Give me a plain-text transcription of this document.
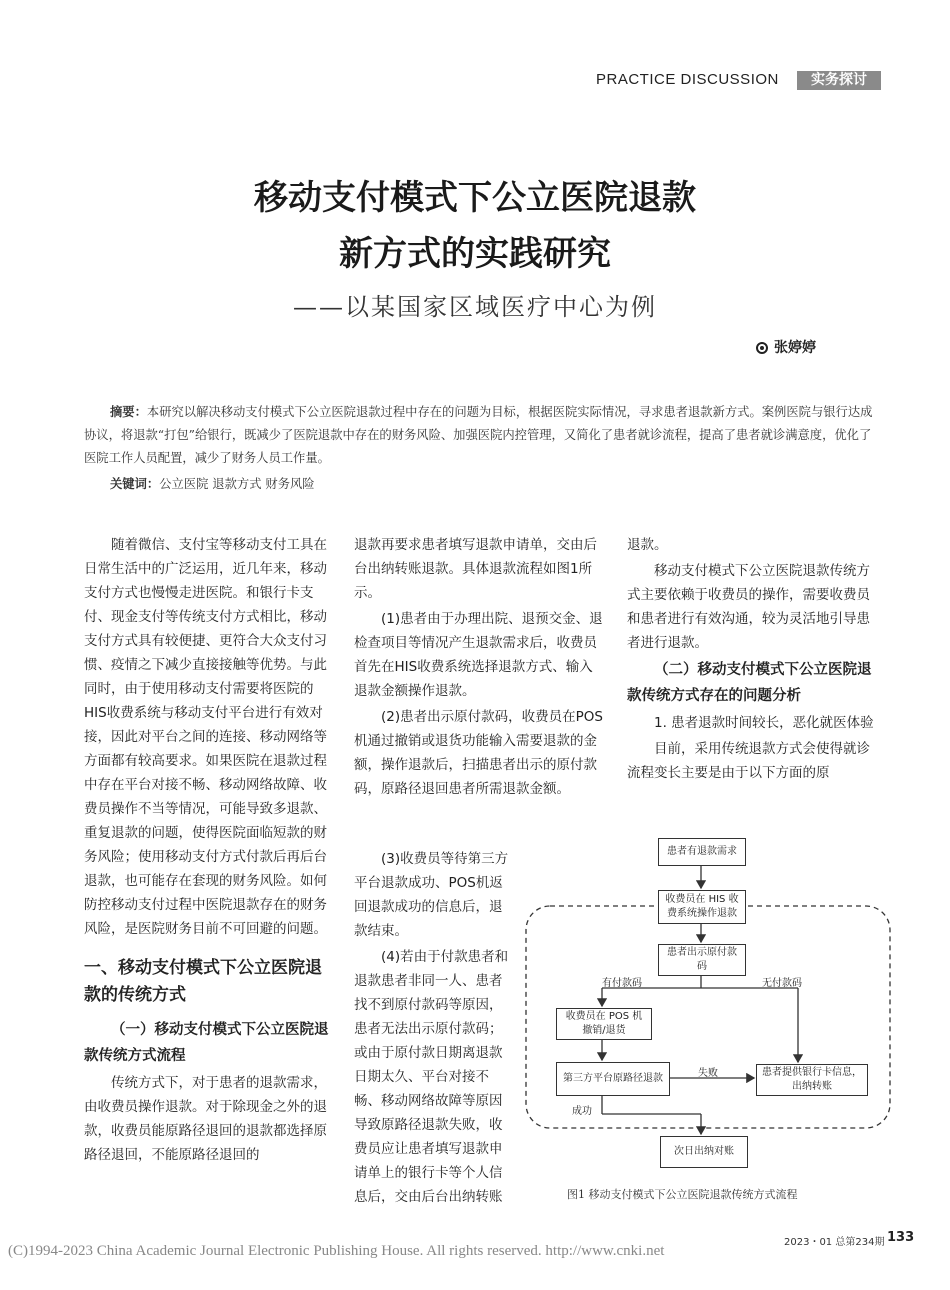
PRACTICE DISCUSSION	实务探讨
移动支付模式下公立医院退款
新方式的实践研究
——以某国家区域医疗中心为例
张婷婷
摘要：本研究以解决移动支付模式下公立医院退款过程中存在的问题为目标，根据医院实际情况，寻求患者退款新方式。案例医院与银行达成协议，将退款“打包”给银行，既减少了医院退款中存在的财务风险、加强医院内控管理，又简化了患者就诊流程，提高了患者就诊满意度，优化了医院工作人员配置，减少了财务人员工作量。
关键词：公立医院 退款方式 财务风险

随着微信、支付宝等移动支付工具在日常生活中的广泛运用，近几年来，移动支付方式也慢慢走进医院。和银行卡支付、现金支付等传统支付方式相比，移动支付方式具有较便捷、更符合大众支付习惯、疫情之下减少直接接触等优势。与此同时，由于使用移动支付需要将医院的HIS收费系统与移动支付平台进行有效对接，因此对平台之间的连接、移动网络等方面都有较高要求。如果医院在退款过程中存在平台对接不畅、移动网络故障、收费员操作不当等情况，可能导致多退款、重复退款的问题，使得医院面临短款的财务风险；使用移动支付方式付款后再后台退款，也可能存在套现的财务风险。如何防控移动支付过程中医院退款存在的财务风险，是医院财务目前不可回避的问题。

一、移动支付模式下公立医院退款的传统方式

（一）移动支付模式下公立医院退款传统方式流程

传统方式下，对于患者的退款需求，由收费员操作退款。对于除现金之外的退款，收费员能原路径退回的退款都选择原路径退回，不能原路径退回的

退款再要求患者填写退款申请单，交由后台出纳转账退款。具体退款流程如图1所示。

(1)患者由于办理出院、退预交金、退检查项目等情况产生退款需求后，收费员首先在HIS收费系统选择退款方式、输入退款金额操作退款。

(2)患者出示原付款码，收费员在POS机通过撤销或退货功能输入需要退款的金额，操作退款后，扫描患者出示的原付款码，原路径退回患者所需退款金额。

(3)收费员等待第三方平台退款成功、POS机返回退款成功的信息后，退款结束。

(4)若由于付款患者和退款患者非同一人、患者找不到原付款码等原因，患者无法出示原付款码；或由于原付款日期离退款日期太久、平台对接不畅、移动网络故障等原因导致原路径退款失败，收费员应让患者填写退款申请单上的银行卡等个人信息后，交由后台出纳转账

退款。

移动支付模式下公立医院退款传统方式主要依赖于收费员的操作，需要收费员和患者进行有效沟通，较为灵活地引导患者进行退款。

（二）移动支付模式下公立医院退款传统方式存在的问题分析

1. 患者退款时间较长，恶化就医体验

目前，采用传统退款方式会使得就诊流程变长主要是由于以下方面的原

患者有退款需求
收费员在 HIS 收费系统操作退款
患者出示原付款码
收费员在 POS 机撤销/退货
第三方平台原路径退款
患者提供银行卡信息，出纳转账
次日出纳对账
有付款码	无付款码
失败
成功
图1 移动支付模式下公立医院退款传统方式流程
2023・01 总第234期 133
(C)1994-2023 China Academic Journal Electronic Publishing House. All rights reserved. http://www.cnki.net
